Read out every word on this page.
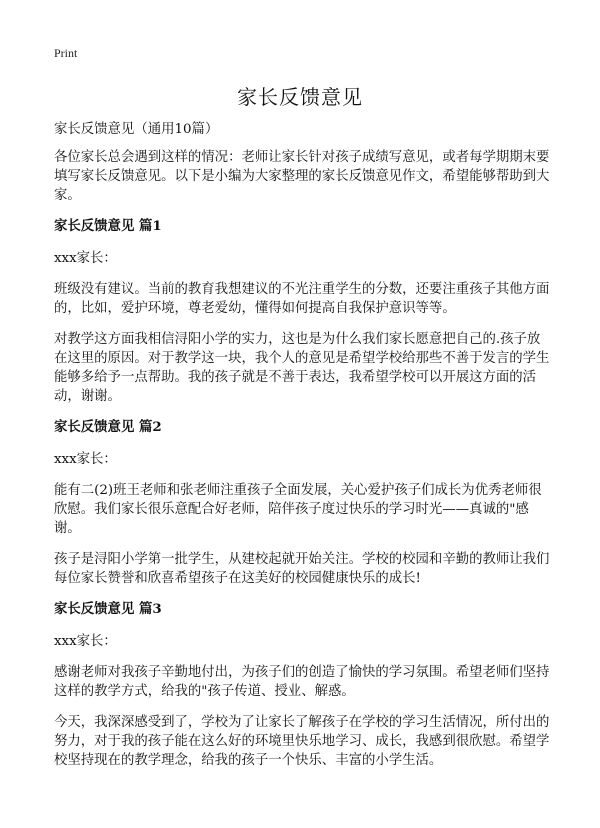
Print
家长反馈意见

家长反馈意见（通用10篇）

各位家长总会遇到这样的情况：老师让家长针对孩子成绩写意见，或者每学期期末要填写家长反馈意见。以下是小编为大家整理的家长反馈意见作文，希望能够帮助到大家。

家长反馈意见 篇1

xxx家长：

班级没有建议。当前的教育我想建议的不光注重学生的分数，还要注重孩子其他方面的，比如，爱护环境，尊老爱幼，懂得如何提高自我保护意识等等。

对教学这方面我相信浔阳小学的实力，这也是为什么我们家长愿意把自己的.孩子放在这里的原因。对于教学这一块，我个人的意见是希望学校给那些不善于发言的学生能够多给予一点帮助。我的孩子就是不善于表达，我希望学校可以开展这方面的活动，谢谢。

家长反馈意见 篇2

xxx家长：

能有二(2)班王老师和张老师注重孩子全面发展，关心爱护孩子们成长为优秀老师很欣慰。我们家长很乐意配合好老师，陪伴孩子度过快乐的学习时光——真诚的"感谢。

孩子是浔阳小学第一批学生，从建校起就开始关注。学校的校园和辛勤的教师让我们每位家长赞誉和欣喜希望孩子在这美好的校园健康快乐的成长!

家长反馈意见 篇3

xxx家长：

感谢老师对我孩子辛勤地付出，为孩子们的创造了愉快的学习氛围。希望老师们坚持这样的教学方式，给我的"孩子传道、授业、解惑。

今天，我深深感受到了，学校为了让家长了解孩子在学校的学习生活情况，所付出的努力，对于我的孩子能在这么好的环境里快乐地学习、成长，我感到很欣慰。希望学校坚持现在的教学理念，给我的孩子一个快乐、丰富的小学生活。
